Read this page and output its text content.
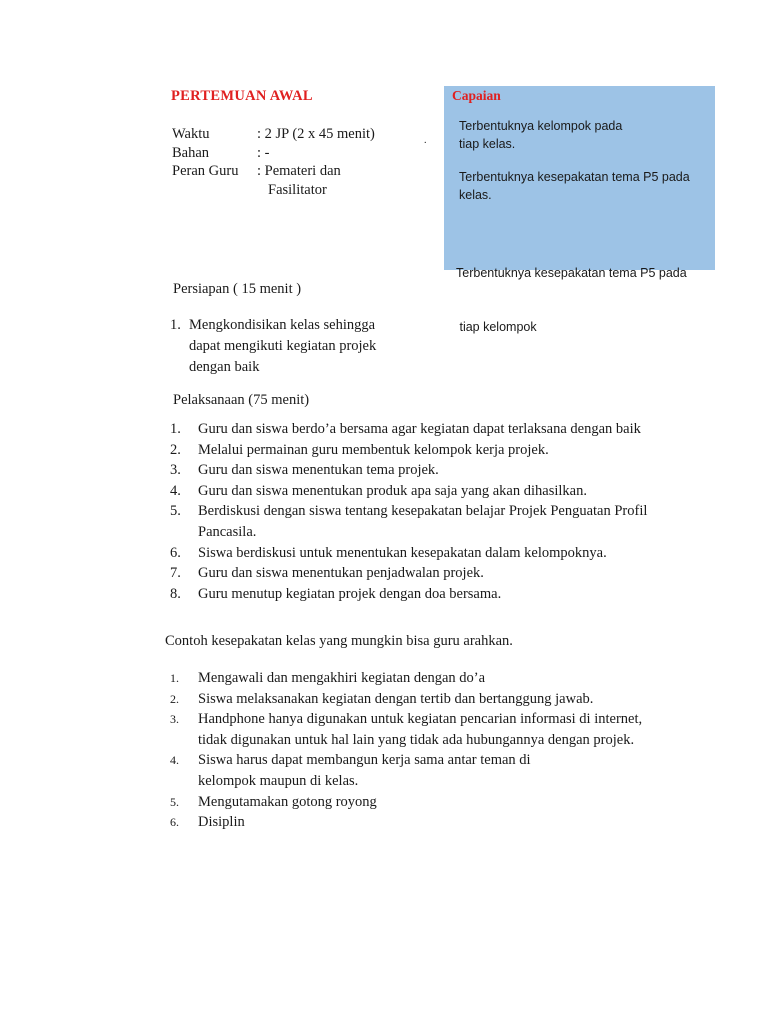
PERTEMUAN AWAL
Waktu	: 2 JP (2 x 45 menit)
Bahan	: -
Peran Guru : Pemateri dan
Fasilitator
.
Capaian
Terbentuknya kelompok pada
tiap kelas.
Terbentuknya kesepakatan tema P5 pada
kelas.

Terbentuknya kesepakatan tema P5 pada

tiap kelompok

Persiapan ( 15 menit )
1. Mengkondisikan kelas sehingga
dapat mengikuti kegiatan projek
dengan baik
Pelaksanaan (75 menit)
1. Guru dan siswa berdo’a bersama agar kegiatan dapat terlaksana dengan baik
2. Melalui permainan guru membentuk kelompok kerja projek.
3. Guru dan siswa menentukan tema projek.
4. Guru dan siswa menentukan produk apa saja yang akan dihasilkan.
5. Berdiskusi dengan siswa tentang kesepakatan belajar Projek Penguatan Profil
Pancasila.
6. Siswa berdiskusi untuk menentukan kesepakatan dalam kelompoknya.
7. Guru dan siswa menentukan penjadwalan projek.
8. Guru menutup kegiatan projek dengan doa bersama.
Contoh kesepakatan kelas yang mungkin bisa guru arahkan.
1. Mengawali dan mengakhiri kegiatan dengan do’a
2. Siswa melaksanakan kegiatan dengan tertib dan bertanggung jawab.
3. Handphone hanya digunakan untuk kegiatan pencarian informasi di internet,
tidak digunakan untuk hal lain yang tidak ada hubungannya dengan projek.
4. Siswa harus dapat membangun kerja sama antar teman di
kelompok maupun di kelas.
5. Mengutamakan gotong royong
6. Disiplin
